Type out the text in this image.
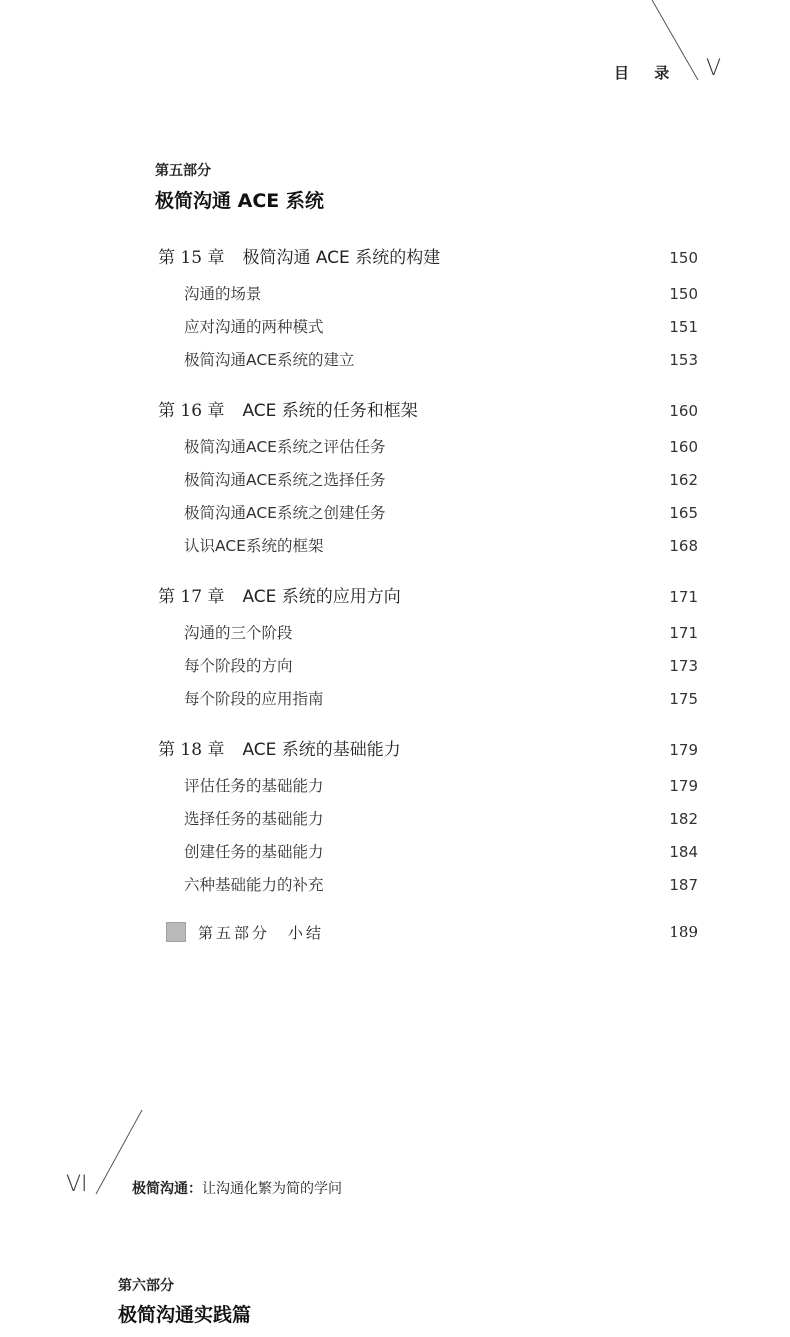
目 录 V
第五部分
极简沟通 ACE 系统
第 15 章 极简沟通 ACE 系统的构建	150
沟通的场景	150
应对沟通的两种模式	151
极简沟通ACE系统的建立	153
第 16 章 ACE 系统的任务和框架	160
极简沟通ACE系统之评估任务	160
极简沟通ACE系统之选择任务	162
极简沟通ACE系统之创建任务	165
认识ACE系统的框架	168
第 17 章 ACE 系统的应用方向	171
沟通的三个阶段	171
每个阶段的方向	173
每个阶段的应用指南	175
第 18 章 ACE 系统的基础能力	179
评估任务的基础能力	179
选择任务的基础能力	182
创建任务的基础能力	184
六种基础能力的补充	187
第五部分 小结	189
VI	极简沟通：让沟通化繁为简的学问
第六部分
极简沟通实践篇
